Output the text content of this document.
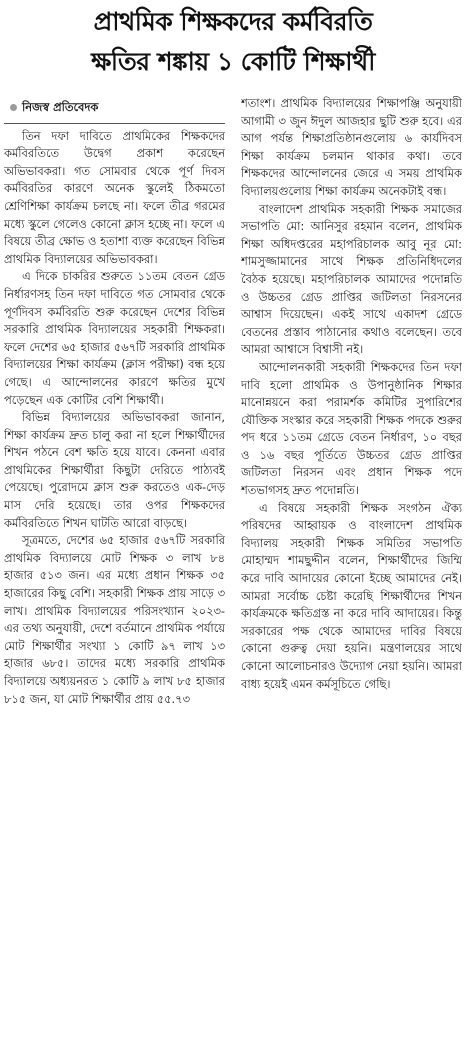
প্রাথমিক শিক্ষকদের কর্মবিরতি
ক্ষতির শঙ্কায় ১ কোটি শিক্ষার্থী
নিজস্ব প্রতিবেদক

তিন দফা দাবিতে প্রাথমিকের শিক্ষকদের কর্মবিরতিতে উদ্বেগ প্রকাশ করেছেন অভিভাবকরা। গত সোমবার থেকে পূর্ণ দিবস কর্মবিরতির কারণে অনেক স্কুলেই ঠিকমতো শ্রেণিশিক্ষা কার্যক্রম চলছে না। ফলে তীব্র গরমের মধ্যে স্কুলে গেলেও কোনো ক্লাস হচ্ছে না। ফলে এ বিষয়ে তীব্র ক্ষোভ ও হতাশা ব্যক্ত করেছেন বিভিন্ন প্রাথমিক বিদ্যালয়ের অভিভাবকরা।

এ দিকে চাকরির শুরুতে ১১তম বেতন গ্রেড নির্ধারণসহ তিন দফা দাবিতে গত সোমবার থেকে পূর্ণদিবস কর্মবিরতি শুরু করেছেন দেশের বিভিন্ন সরকারি প্রাথমিক বিদ্যালয়ের সহকারী শিক্ষকরা। ফলে দেশের ৬৫ হাজার ৫৬৭টি সরকারি প্রাথমিক বিদ্যালয়ের শিক্ষা কার্যক্রম (ক্লাস পরীক্ষা) বন্ধ হয়ে গেছে। এ আন্দোলনের কারণে ক্ষতির মুখে পড়েছেন এক কোটির বেশি শিক্ষার্থী।

বিভিন্ন বিদ্যালয়ের অভিভাবকরা জানান, শিক্ষা কার্যক্রম দ্রুত চালু করা না হলে শিক্ষার্থীদের শিখন পঠনে বেশ ক্ষতি হয়ে যাবে। কেননা এবার প্রাথমিকের শিক্ষার্থীরা কিছুটা দেরিতে পাঠ্যবই পেয়েছে। পুরোদমে ক্লাস শুরু করতেও এক-দেড় মাস দেরি হয়েছে। তার ওপর শিক্ষকদের কর্মবিরতিতে শিখন ঘাটতি আরো বাড়ছে।

সূত্রমতে, দেশের ৬৫ হাজার ৫৬৭টি সরকারি প্রাথমিক বিদ্যালয়ে মোট শিক্ষক ৩ লাখ ৮৪ হাজার ৫১৩ জন। এর মধ্যে প্রধান শিক্ষক ৩৫ হাজারের কিছু বেশি। সহকারী শিক্ষক প্রায় সাড়ে ৩ লাখ। প্রাথমিক বিদ্যালয়ের পরিসংখ্যান ২০২৩-এর তথ্য অনুযায়ী, দেশে বর্তমানে প্রাথমিক পর্যায়ে মোট শিক্ষার্থীর সংখ্যা ১ কোটি ৯৭ লাখ ১৩ হাজার ৬৮৫। তাদের মধ্যে সরকারি প্রাথমিক বিদ্যালয়ে অধ্যয়নরত ১ কোটি ৯ লাখ ৮৫ হাজার ৮১৫ জন, যা মোট শিক্ষার্থীর প্রায় ৫৫.৭৩

শতাংশ। প্রাথমিক বিদ্যালয়ের শিক্ষাপঞ্জি অনুযায়ী আগামী ৩ জুন ঈদুল আজহার ছুটি শুরু হবে। এর আগ পর্যন্ত শিক্ষাপ্রতিষ্ঠানগুলোয় ৬ কার্যদিবস শিক্ষা কার্যক্রম চলমান থাকার কথা। তবে শিক্ষকদের আন্দোলনের জেরে এ সময় প্রাথমিক বিদ্যালয়গুলোয় শিক্ষা কার্যক্রম অনেকটাই বন্ধ।

বাংলাদেশ প্রাথমিক সহকারী শিক্ষক সমাজের সভাপতি মো: আনিসুর রহমান বলেন, প্রাথমিক শিক্ষা অধিদপ্তরের মহাপরিচালক আবু নূর মো: শামসুজ্জামানের সাথে শিক্ষক প্রতিনিধিদলের বৈঠক হয়েছে। মহাপরিচালক আমাদের পদোন্নতি ও উচ্চতর গ্রেড প্রাপ্তির জটিলতা নিরসনের আশ্বাস দিয়েছেন। একই সাথে একাদশ গ্রেডে বেতনের প্রস্তাব পাঠানোর কথাও বলেছেন। তবে আমরা আশ্বাসে বিশ্বাসী নই।

আন্দোলনকারী সহকারী শিক্ষকদের তিন দফা দাবি হলো প্রাথমিক ও উপানুষ্ঠানিক শিক্ষার মানোন্নয়নে করা পরামর্শক কমিটির সুপারিশের যৌক্তিক সংস্কার করে সহকারী শিক্ষক পদকে শুরুর পদ ধরে ১১তম গ্রেডে বেতন নির্ধারণ, ১০ বছর ও ১৬ বছর পূর্তিতে উচ্চতর গ্রেড প্রাপ্তির জটিলতা নিরসন এবং প্রধান শিক্ষক পদে শতভাগসহ দ্রুত পদোন্নতি।

এ বিষয়ে সহকারী শিক্ষক সংগঠন ঐক্য পরিষদের আহ্বায়ক ও বাংলাদেশ প্রাথমিক বিদ্যালয় সহকারী শিক্ষক সমিতির সভাপতি মোহাম্মদ শামছুদ্দীন বলেন, শিক্ষার্থীদের জিম্মি করে দাবি আদায়ের কোনো ইচ্ছে আমাদের নেই। আমরা সর্বোচ্চ চেষ্টা করেছি শিক্ষার্থীদের শিখন কার্যক্রমকে ক্ষতিগ্রস্ত না করে দাবি আদায়ের। কিন্তু সরকারের পক্ষ থেকে আমাদের দাবির বিষয়ে কোনো গুরুত্ব দেয়া হয়নি। মন্ত্রণালয়ের সাথে কোনো আলোচনারও উদ্যোগ নেয়া হয়নি। আমরা বাধ্য হয়েই এমন কর্মসূচিতে গেছি।
